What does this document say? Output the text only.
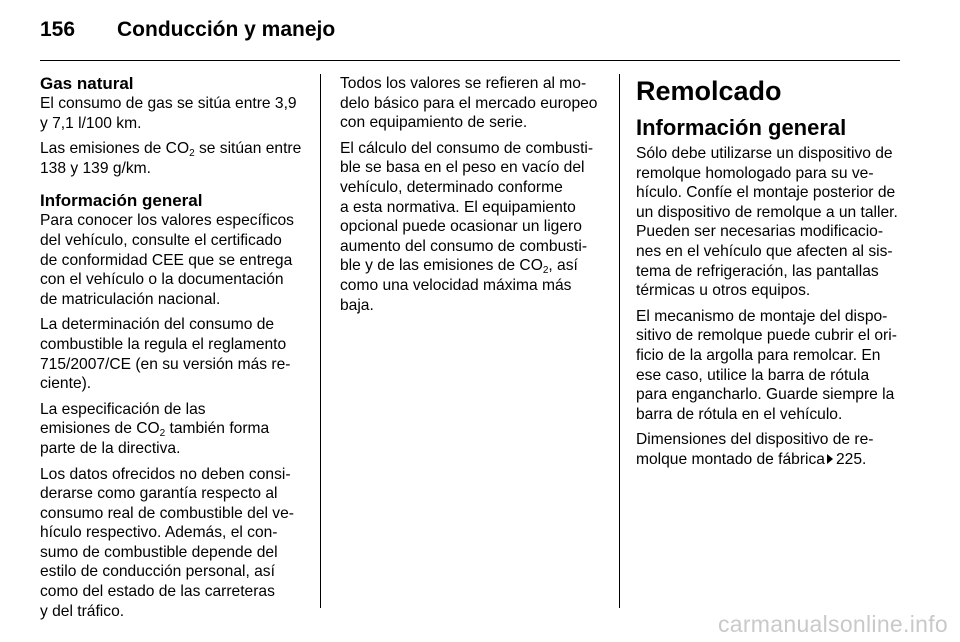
156	Conducción y manejo
Gas natural

El consumo de gas se sitúa entre 3,9
y 7,1 l/100 km.

Las emisiones de $CO_2$ se sitúan entre
138 y 139 g/km.

Información general

Para conocer los valores específicos
del vehículo, consulte el certificado
de conformidad CEE que se entrega
con el vehículo o la documentación
de matriculación nacional.

La determinación del consumo de
combustible la regula el reglamento
715/2007/CE (en su versión más re-
ciente).

La especificación de las
emisiones de $CO_2$ también forma
parte de la directiva.

Los datos ofrecidos no deben consi-
derarse como garantía respecto al
consumo real de combustible del ve-
hículo respectivo. Además, el con-
sumo de combustible depende del
estilo de conducción personal, así
como del estado de las carreteras
y del tráfico.

Todos los valores se refieren al mo-
delo básico para el mercado europeo
con equipamiento de serie.

El cálculo del consumo de combusti-
ble se basa en el peso en vacío del
vehículo, determinado conforme
a esta normativa. El equipamiento
opcional puede ocasionar un ligero
aumento del consumo de combusti-
ble y de las emisiones de $CO_2$, así
como una velocidad máxima más
baja.

Remolcado
Información general

Sólo debe utilizarse un dispositivo de
remolque homologado para su ve-
hículo. Confíe el montaje posterior de
un dispositivo de remolque a un taller.
Pueden ser necesarias modificacio-
nes en el vehículo que afecten al sis-
tema de refrigeración, las pantallas
térmicas u otros equipos.

El mecanismo de montaje del dispo-
sitivo de remolque puede cubrir el ori-
ficio de la argolla para remolcar. En
ese caso, utilice la barra de rótula
para engancharlo. Guarde siempre la
barra de rótula en el vehículo.

Dimensiones del dispositivo de re-
molque montado de fábrica 225.

carmanualsonline.info
